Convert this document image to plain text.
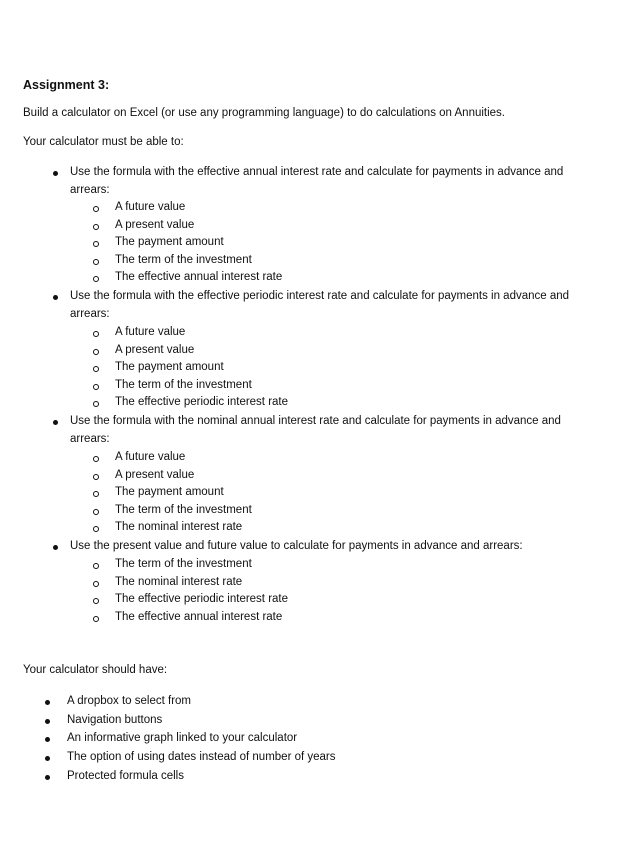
Assignment 3:
Build a calculator on Excel (or use any programming language) to do calculations on Annuities.
Your calculator must be able to:
Use the formula with the effective annual interest rate and calculate for payments in advance and arrears:
A future value
A present value
The payment amount
The term of the investment
The effective annual interest rate
Use the formula with the effective periodic interest rate and calculate for payments in advance and arrears:
A future value
A present value
The payment amount
The term of the investment
The effective periodic interest rate
Use the formula with the nominal annual interest rate and calculate for payments in advance and arrears:
A future value
A present value
The payment amount
The term of the investment
The nominal interest rate
Use the present value and future value to calculate for payments in advance and arrears:
The term of the investment
The nominal interest rate
The effective periodic interest rate
The effective annual interest rate
Your calculator should have:
A dropbox to select from
Navigation buttons
An informative graph linked to your calculator
The option of using dates instead of number of years
Protected formula cells
